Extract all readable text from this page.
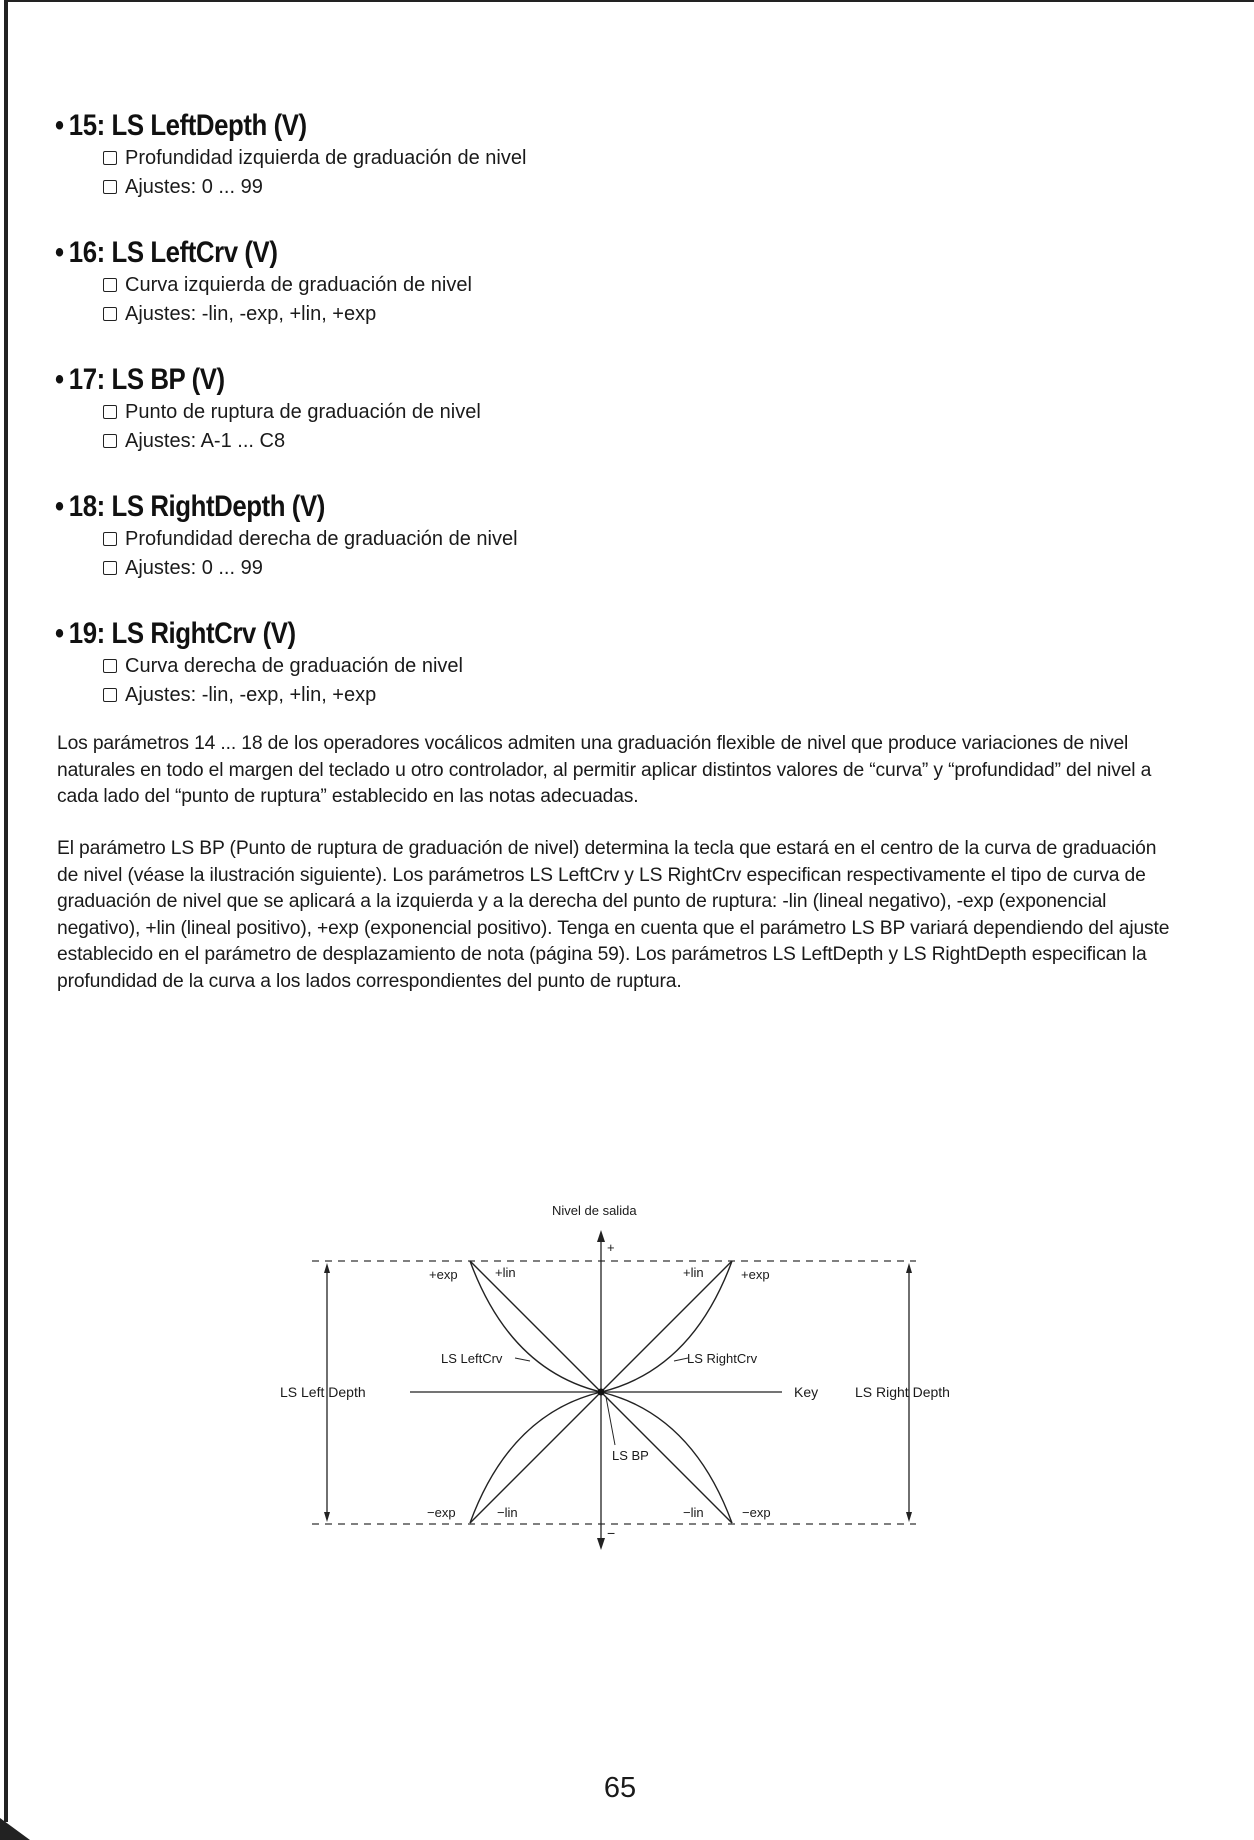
• 15: LS LeftDepth (V)
Profundidad izquierda de graduación de nivel
Ajustes: 0 ... 99
• 16: LS LeftCrv (V)
Curva izquierda de graduación de nivel
Ajustes: -lin, -exp, +lin, +exp
• 17: LS BP (V)
Punto de ruptura de graduación de nivel
Ajustes: A-1 ... C8
• 18: LS RightDepth (V)
Profundidad derecha de graduación de nivel
Ajustes: 0 ... 99
• 19: LS RightCrv (V)
Curva derecha de graduación de nivel
Ajustes: -lin, -exp, +lin, +exp

Los parámetros 14 ... 18 de los operadores vocálicos admiten una graduación flexible de nivel que produce variaciones de nivel naturales en todo el margen del teclado u otro controlador, al permitir aplicar distintos valores de “curva” y “profundidad” del nivel a cada lado del “punto de ruptura” establecido en las notas adecuadas.

El parámetro LS BP (Punto de ruptura de graduación de nivel) determina la tecla que estará en el centro de la curva de graduación de nivel (véase la ilustración siguiente). Los parámetros LS LeftCrv y LS RightCrv especifican respectivamente el tipo de curva de graduación de nivel que se aplicará a la izquierda y a la derecha del punto de ruptura: -lin (lineal negativo), -exp (exponencial negativo), +lin (lineal positivo), +exp (exponencial positivo). Tenga en cuenta que el parámetro LS BP variará dependiendo del ajuste establecido en el parámetro de desplazamiento de nota (página 59). Los parámetros LS LeftDepth y LS RightDepth especifican la profundidad de la curva a los lados correspondientes del punto de ruptura.

Nivel de salida
+
−
Key
LS Left Depth	LS Right Depth
LS LeftCrv	LS RightCrv
LS BP
+exp	+lin	+lin	+exp
−exp	−lin	−lin	−exp
65
